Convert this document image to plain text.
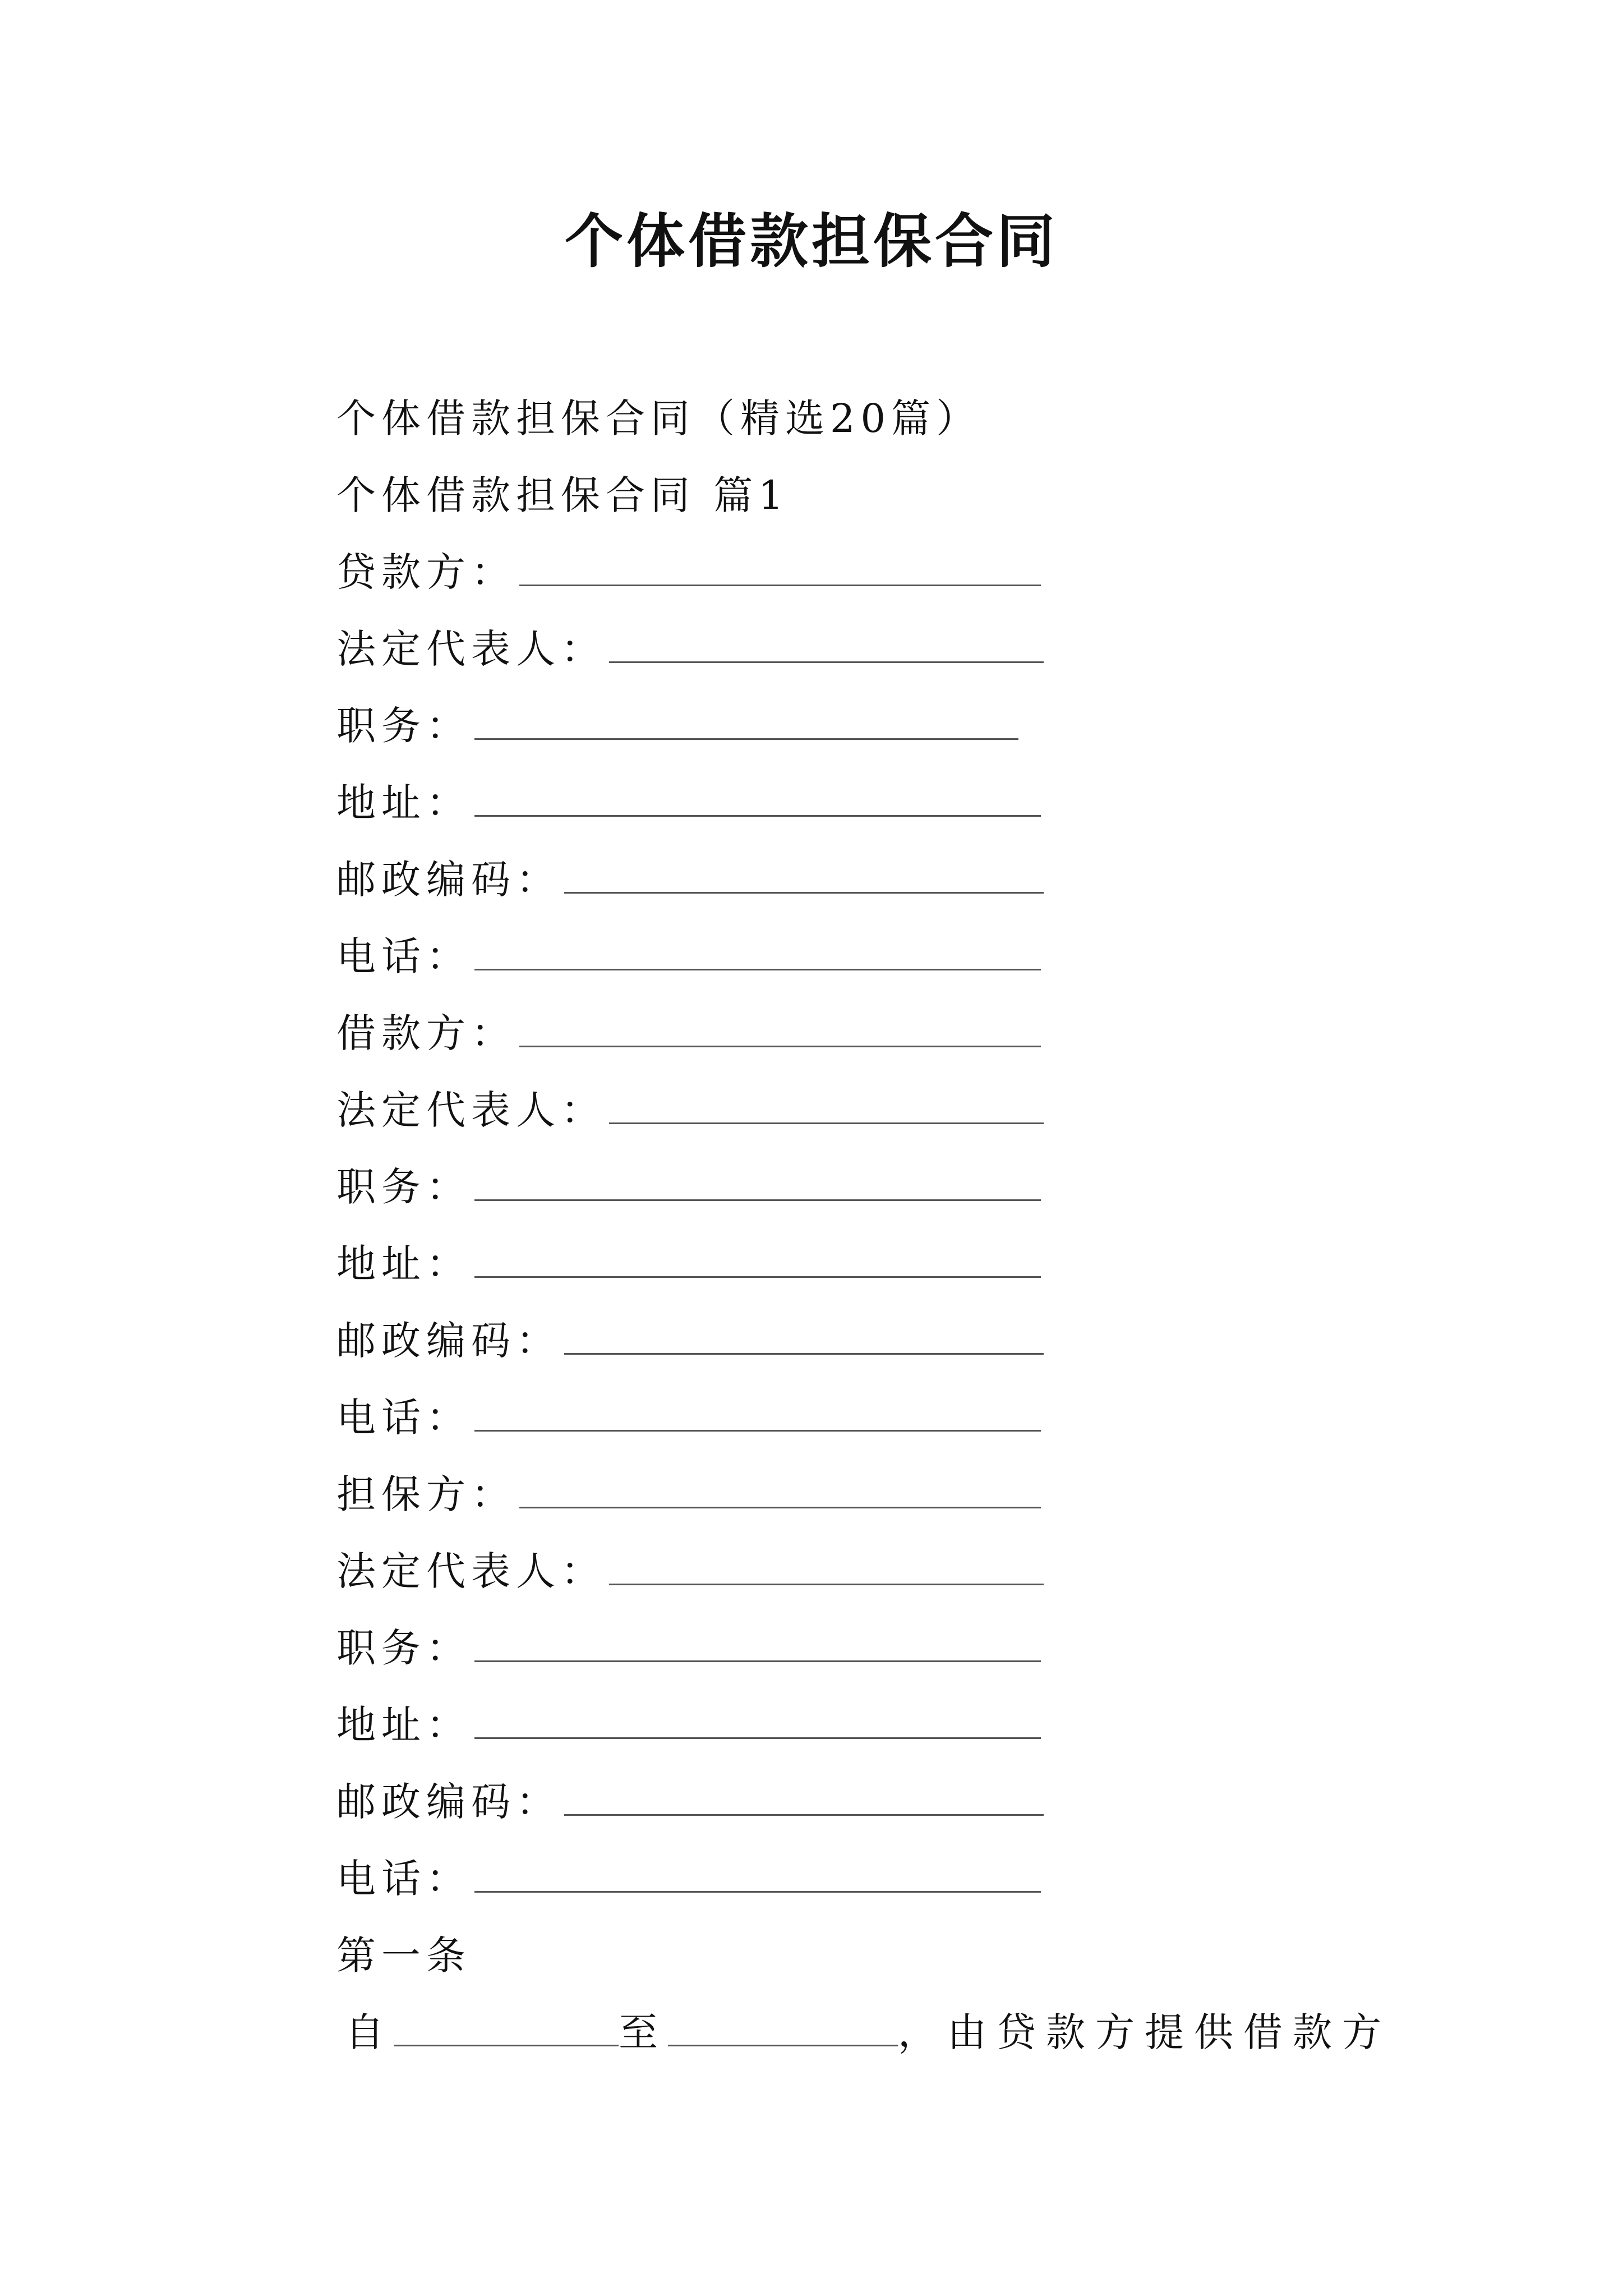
个体借款担保合同
个体借款担保合同（精选20篇）
个体借款担保合同 篇1
贷款方：
法定代表人：
职务：
地址：
邮政编码：
电话：
借款方：
法定代表人：
职务：
地址：
邮政编码：
电话：
担保方：
法定代表人：
职务：
地址：
邮政编码：
电话：
第一条
自	至	，由贷款方提供借款方
